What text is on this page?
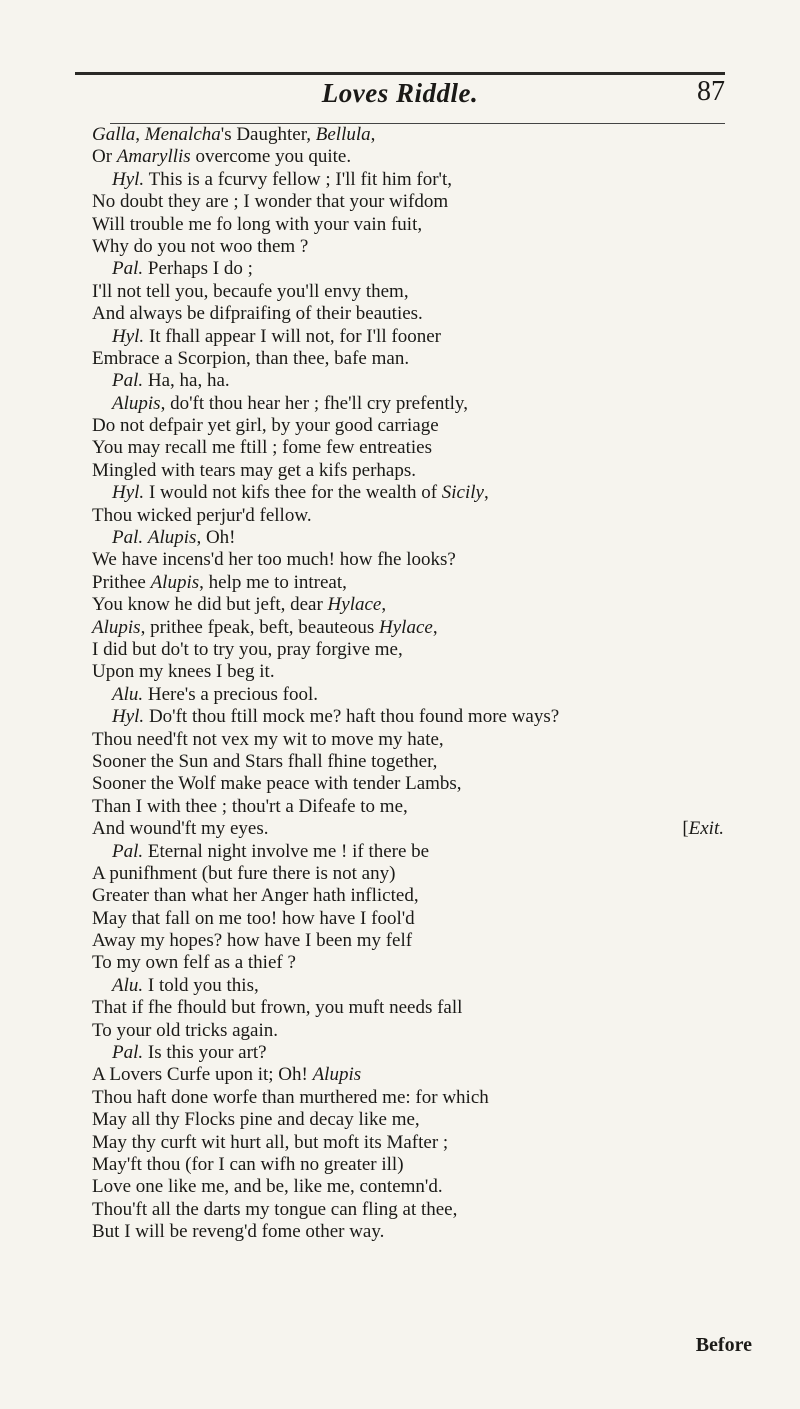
Loves Riddle.	87
Galla, Menalcha's Daughter, Bellula,
Or Amaryllis overcome you quite.
Hyl. This is a fcurvy fellow ; I'll fit him for't,
No doubt they are ; I wonder that your wifdom
Will trouble me fo long with your vain fuit,
Why do you not woo them ?
Pal. Perhaps I do ;
I'll not tell you, becaufe you'll envy them,
And always be difpraifing of their beauties.
Hyl. It fhall appear I will not, for I'll fooner
Embrace a Scorpion, than thee, bafe man.
Pal. Ha, ha, ha.
Alupis, do'ft thou hear her ; fhe'll cry prefently,
Do not defpair yet girl, by your good carriage
You may recall me ftill ; fome few entreaties
Mingled with tears may get a kifs perhaps.
Hyl. I would not kifs thee for the wealth of Sicily,
Thou wicked perjur'd fellow.
Pal. Alupis, Oh!
We have incens'd her too much! how fhe looks?
Prithee Alupis, help me to intreat,
You know he did but jeft, dear Hylace,
Alupis, prithee fpeak, beft, beauteous Hylace,
I did but do't to try you, pray forgive me,
Upon my knees I beg it.
Alu. Here's a precious fool.
Hyl. Do'ft thou ftill mock me? haft thou found more ways?
Thou need'ft not vex my wit to move my hate,
Sooner the Sun and Stars fhall fhine together,
Sooner the Wolf make peace with tender Lambs,
Than I with thee ; thou'rt a Difeafe to me,
And wound'ft my eyes.	[Exit.
Pal. Eternal night involve me ! if there be
A punifhment (but fure there is not any)
Greater than what her Anger hath inflicted,
May that fall on me too! how have I fool'd
Away my hopes? how have I been my felf
To my own felf as a thief ?
Alu. I told you this,
That if fhe fhould but frown, you muft needs fall
To your old tricks again.
Pal. Is this your art?
A Lovers Curfe upon it; Oh! Alupis
Thou haft done worfe than murthered me: for which
May all thy Flocks pine and decay like me,
May thy curft wit hurt all, but moft its Mafter ;
May'ft thou (for I can wifh no greater ill)
Love one like me, and be, like me, contemn'd.
Thou'ft all the darts my tongue can fling at thee,
But I will be reveng'd fome other way.
Before
